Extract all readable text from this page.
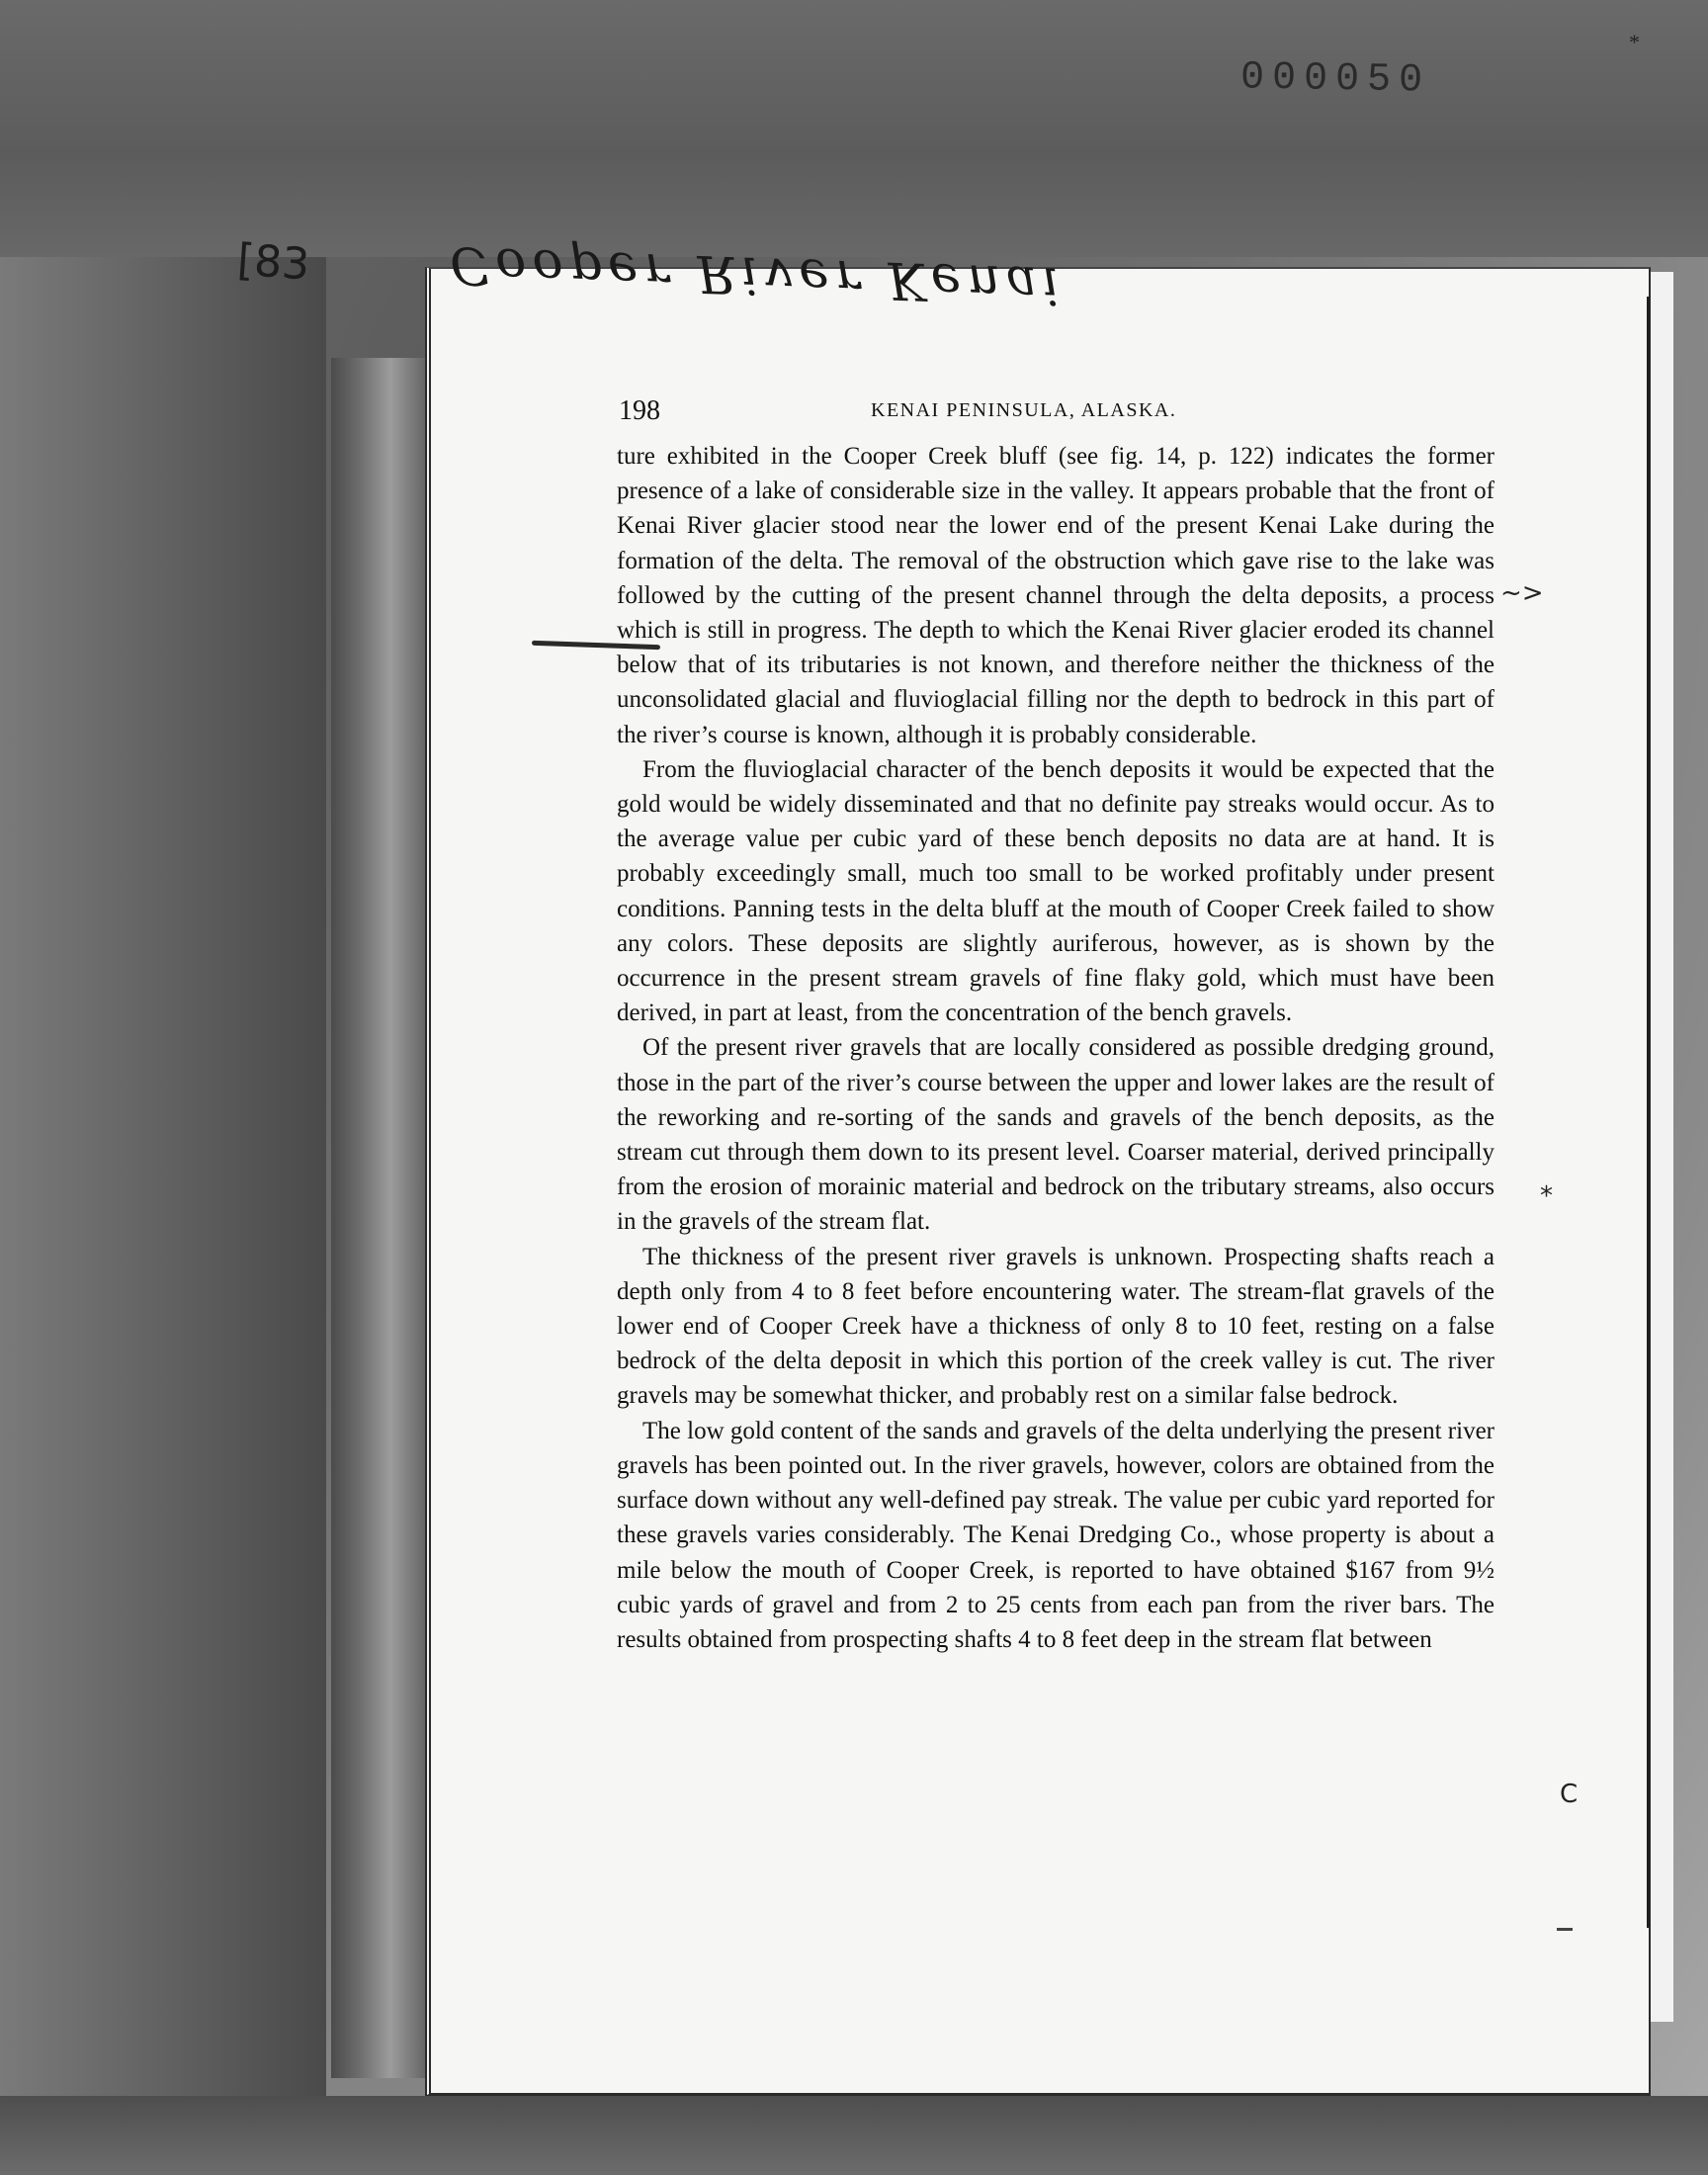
*
000050
[83
198	KENAI PENINSULA, ALASKA.

ture exhibited in the Cooper Creek bluff (see fig. 14, p. 122) indicates the former presence of a lake of considerable size in the valley. It appears probable that the front of Kenai River glacier stood near the lower end of the present Kenai Lake during the formation of the delta. The removal of the obstruction which gave rise to the lake was followed by the cutting of the present channel through the delta deposits, a process which is still in progress. The depth to which the Kenai River glacier eroded its channel below that of its tributaries is not known, and therefore neither the thickness of the unconsolidated glacial and fluvioglacial filling nor the depth to bedrock in this part of the river’s course is known, although it is probably considerable.

From the fluvioglacial character of the bench deposits it would be expected that the gold would be widely disseminated and that no definite pay streaks would occur. As to the average value per cubic yard of these bench deposits no data are at hand. It is probably exceedingly small, much too small to be worked profitably under present conditions. Panning tests in the delta bluff at the mouth of Cooper Creek failed to show any colors. These deposits are slightly auriferous, however, as is shown by the occurrence in the present stream gravels of fine flaky gold, which must have been derived, in part at least, from the concentration of the bench gravels.

Of the present river gravels that are locally considered as possible dredging ground, those in the part of the river’s course between the upper and lower lakes are the result of the reworking and re-sorting of the sands and gravels of the bench deposits, as the stream cut through them down to its present level. Coarser material, derived principally from the erosion of morainic material and bedrock on the tributary streams, also occurs in the gravels of the stream flat.

The thickness of the present river gravels is unknown. Prospecting shafts reach a depth only from 4 to 8 feet before encountering water. The stream-flat gravels of the lower end of Cooper Creek have a thickness of only 8 to 10 feet, resting on a false bedrock of the delta deposit in which this portion of the creek valley is cut. The river gravels may be somewhat thicker, and probably rest on a similar false bedrock.

The low gold content of the sands and gravels of the delta underlying the present river gravels has been pointed out. In the river gravels, however, colors are obtained from the surface down without any well-defined pay streak. The value per cubic yard reported for these gravels varies considerably. The Kenai Dredging Co., whose property is about a mile below the mouth of Cooper Creek, is reported to have obtained $167 from 9½ cubic yards of gravel and from 2 to 25 cents from each pan from the river bars. The results obtained from prospecting shafts 4 to 8 feet deep in the stream flat between

Cooper River Kenai
~>
*
C
